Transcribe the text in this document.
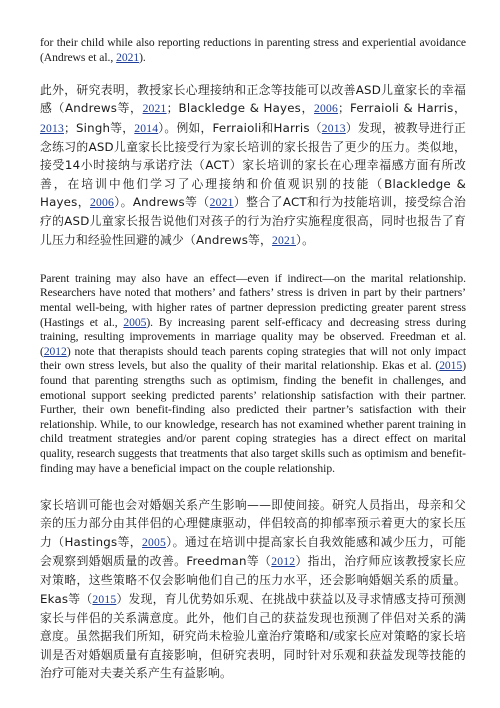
for their child while also reporting reductions in parenting stress and experiential avoidance (Andrews et al., 2021).

此外，研究表明，教授家长心理接纳和正念等技能可以改善ASD儿童家长的幸福感（Andrews等，2021；Blackledge & Hayes，2006；Ferraioli & Harris，2013；Singh等，2014）。例如，Ferraioli和Harris（2013）发现，被教导进行正念练习的ASD儿童家长比接受行为家长培训的家长报告了更少的压力。类似地，接受14小时接纳与承诺疗法（ACT）家长培训的家长在心理幸福感方面有所改善，在培训中他们学习了心理接纳和价值观识别的技能（Blackledge & Hayes，2006）。Andrews等（2021）整合了ACT和行为技能培训，接受综合治疗的ASD儿童家长报告说他们对孩子的行为治疗实施程度很高，同时也报告了育儿压力和经验性回避的减少（Andrews等，2021）。

Parent training may also have an effect—even if indirect—on the marital relationship. Researchers have noted that mothers’ and fathers’ stress is driven in part by their partners’ mental well-being, with higher rates of partner depression predicting greater parent stress (Hastings et al., 2005). By increasing parent self-efficacy and decreasing stress during training, resulting improvements in marriage quality may be observed. Freedman et al. (2012) note that therapists should teach parents coping strategies that will not only impact their own stress levels, but also the quality of their marital relationship. Ekas et al. (2015) found that parenting strengths such as optimism, finding the benefit in challenges, and emotional support seeking predicted parents’ relationship satisfaction with their partner. Further, their own benefit-finding also predicted their partner’s satisfaction with their relationship. While, to our knowledge, research has not examined whether parent training in child treatment strategies and/or parent coping strategies has a direct effect on marital quality, research suggests that treatments that also target skills such as optimism and benefit-finding may have a beneficial impact on the couple relationship.

家长培训可能也会对婚姻关系产生影响——即使间接。研究人员指出，母亲和父亲的压力部分由其伴侣的心理健康驱动，伴侣较高的抑郁率预示着更大的家长压力（Hastings等，2005）。通过在培训中提高家长自我效能感和减少压力，可能会观察到婚姻质量的改善。Freedman等（2012）指出，治疗师应该教授家长应对策略，这些策略不仅会影响他们自己的压力水平，还会影响婚姻关系的质量。Ekas等（2015）发现，育儿优势如乐观、在挑战中获益以及寻求情感支持可预测家长与伴侣的关系满意度。此外，他们自己的获益发现也预测了伴侣对关系的满意度。虽然据我们所知，研究尚未检验儿童治疗策略和/或家长应对策略的家长培训是否对婚姻质量有直接影响，但研究表明，同时针对乐观和获益发现等技能的治疗可能对夫妻关系产生有益影响。
